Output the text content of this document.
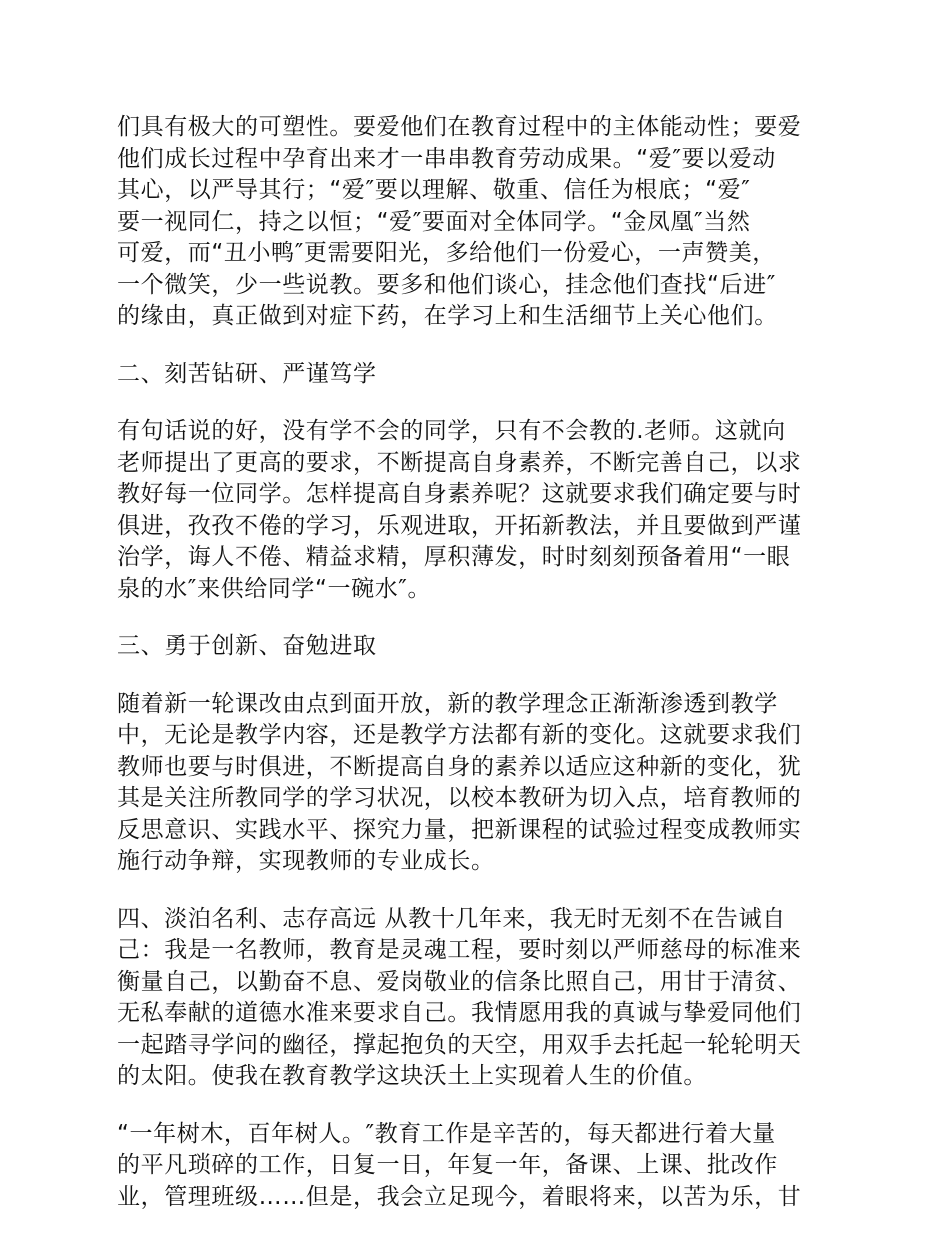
们具有极大的可塑性。要爱他们在教育过程中的主体能动性；要爱
他们成长过程中孕育出来才一串串教育劳动成果。“爱″要以爱动
其心，以严导其行；“爱″要以理解、敬重、信任为根底；“爱″
要一视同仁，持之以恒；“爱″要面对全体同学。“金凤凰″当然
可爱，而“丑小鸭″更需要阳光，多给他们一份爱心，一声赞美，
一个微笑，少一些说教。要多和他们谈心，挂念他们查找“后进″
的缘由，真正做到对症下药，在学习上和生活细节上关心他们。

二、刻苦钻研、严谨笃学

有句话说的好，没有学不会的同学，只有不会教的.老师。这就向
老师提出了更高的要求，不断提高自身素养，不断完善自己，以求
教好每一位同学。怎样提高自身素养呢？这就要求我们确定要与时
俱进，孜孜不倦的学习，乐观进取，开拓新教法，并且要做到严谨
治学，诲人不倦、精益求精，厚积薄发，时时刻刻预备着用“一眼
泉的水″来供给同学“一碗水″。

三、勇于创新、奋勉进取

随着新一轮课改由点到面开放，新的教学理念正渐渐渗透到教学
中，无论是教学内容，还是教学方法都有新的变化。这就要求我们
教师也要与时俱进，不断提高自身的素养以适应这种新的变化，犹
其是关注所教同学的学习状况，以校本教研为切入点，培育教师的
反思意识、实践水平、探究力量，把新课程的试验过程变成教师实
施行动争辩，实现教师的专业成长。

四、淡泊名利、志存高远 从教十几年来，我无时无刻不在告诫自
己：我是一名教师，教育是灵魂工程，要时刻以严师慈母的标准来
衡量自己，以勤奋不息、爱岗敬业的信条比照自己，用甘于清贫、
无私奉献的道德水准来要求自己。我情愿用我的真诚与挚爱同他们
一起踏寻学问的幽径，撑起抱负的天空，用双手去托起一轮轮明天
的太阳。使我在教育教学这块沃土上实现着人生的价值。

“一年树木，百年树人。″教育工作是辛苦的，每天都进行着大量
的平凡琐碎的工作，日复一日，年复一年，备课、上课、批改作
业，管理班级……但是，我会立足现今，着眼将来，以苦为乐，甘
